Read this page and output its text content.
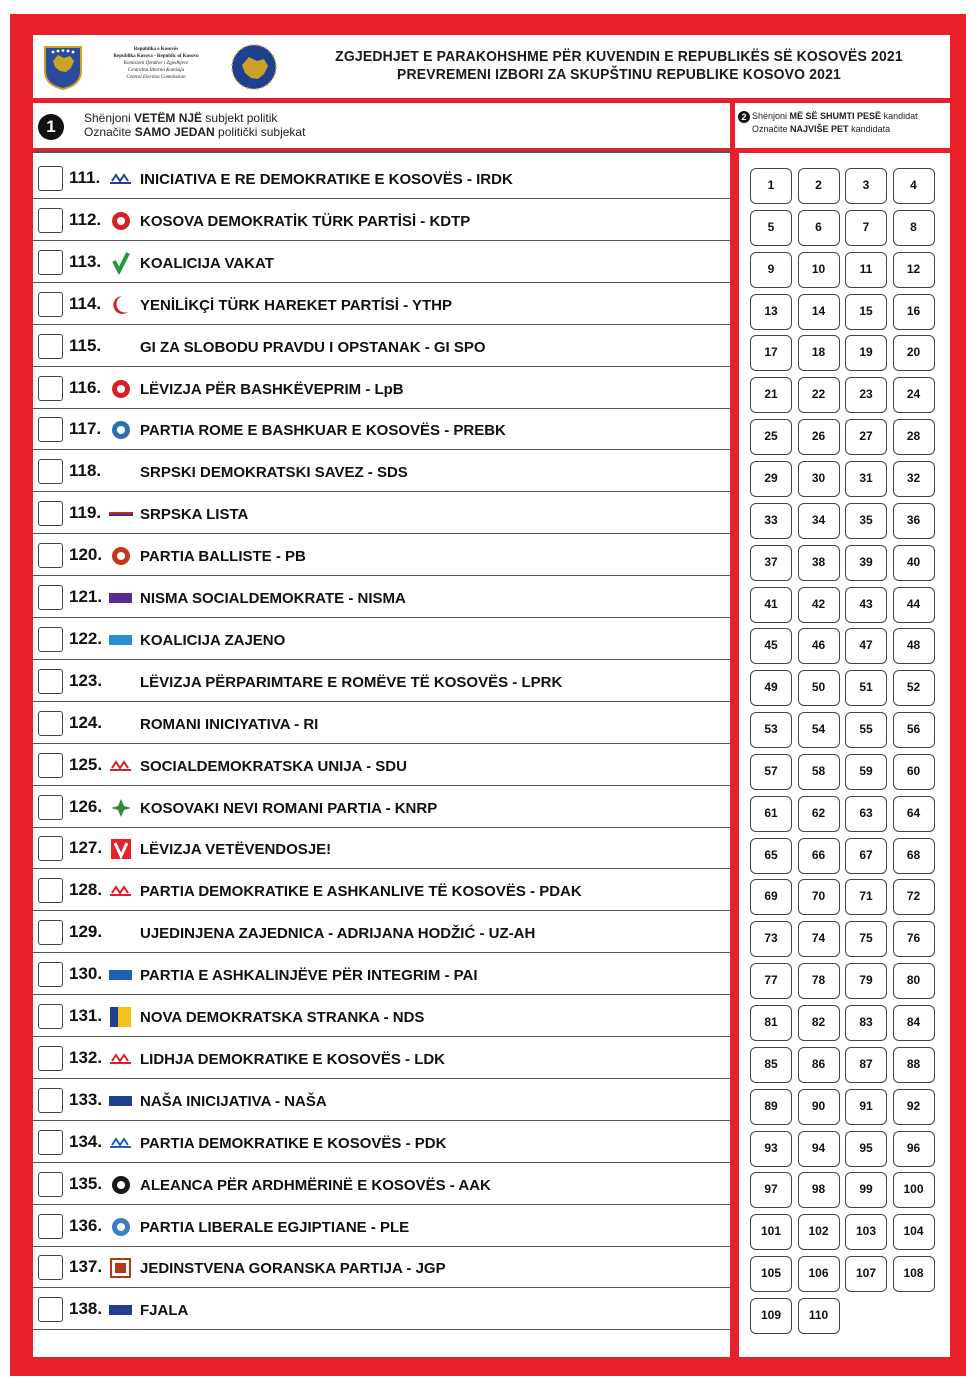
Republika e Kosovës
Republika Kosova - Republic of Kosovo
Komisioni Qendror i Zgjedhjeve
Centralna Izborna Komisija
Central Election Commission
ZGJEDHJET E PARAKOHSHME PËR KUVENDIN E REPUBLIKËS SË KOSOVËS 2021
PREVREMENI IZBORI ZA SKUPŠTINU REPUBLIKE KOSOVO 2021
1	Shënjoni VETËM NJË subjekt politik
Označite SAMO JEDAN politički subjekat
2 Shënjoni MË SË SHUMTI PESË kandidat
Označite NAJVIŠE PET kandidata
111.	INICIATIVA E RE DEMOKRATIKE E KOSOVËS - IRDK
112.	KOSOVA DEMOKRATİK TÜRK PARTİSİ - KDTP
113.	KOALICIJA VAKAT
114.	YENİLİKÇİ TÜRK HAREKET PARTİSİ - YTHP
115.	GI ZA SLOBODU PRAVDU I OPSTANAK - GI SPO
116.	LËVIZJA PËR BASHKËVEPRIM - LpB
117.	PARTIA ROME E BASHKUAR E KOSOVËS - PREBK
118.	SRPSKI DEMOKRATSKI SAVEZ - SDS
119.	SRPSKA LISTA
120.	PARTIA BALLISTE - PB
121.	NISMA SOCIALDEMOKRATE - NISMA
122.	KOALICIJA ZAJENO
123.	LËVIZJA PËRPARIMTARE E ROMËVE TË KOSOVËS - LPRK
124.	ROMANI INICIYATIVA - RI
125.	SOCIALDEMOKRATSKA UNIJA - SDU
126.	KOSOVAKI NEVI ROMANI PARTIA - KNRP
127.	LËVIZJA VETËVENDOSJE!
128.	PARTIA DEMOKRATIKE E ASHKANLIVE TË KOSOVËS - PDAK
129.	UJEDINJENA ZAJEDNICA - ADRIJANA HODŽIĆ - UZ-AH
130.	PARTIA E ASHKALINJËVE PËR INTEGRIM - PAI
131.	NOVA DEMOKRATSKA STRANKA - NDS
132.	LIDHJA DEMOKRATIKE E KOSOVËS - LDK
133.	NAŠA INICIJATIVA - NAŠA
134.	PARTIA DEMOKRATIKE E KOSOVËS - PDK
135.	ALEANCA PËR ARDHMËRINË E KOSOVËS - AAK
136.	PARTIA LIBERALE EGJIPTIANE - PLE
137.	JEDINSTVENA GORANSKA PARTIJA - JGP
138.	FJALA
1	2	3	4
5	6	7	8
9	10	11	12
13	14	15	16
17	18	19	20
21	22	23	24
25	26	27	28
29	30	31	32
33	34	35	36
37	38	39	40
41	42	43	44
45	46	47	48
49	50	51	52
53	54	55	56
57	58	59	60
61	62	63	64
65	66	67	68
69	70	71	72
73	74	75	76
77	78	79	80
81	82	83	84
85	86	87	88
89	90	91	92
93	94	95	96
97	98	99	100
101	102	103	104
105	106	107	108
109	110
